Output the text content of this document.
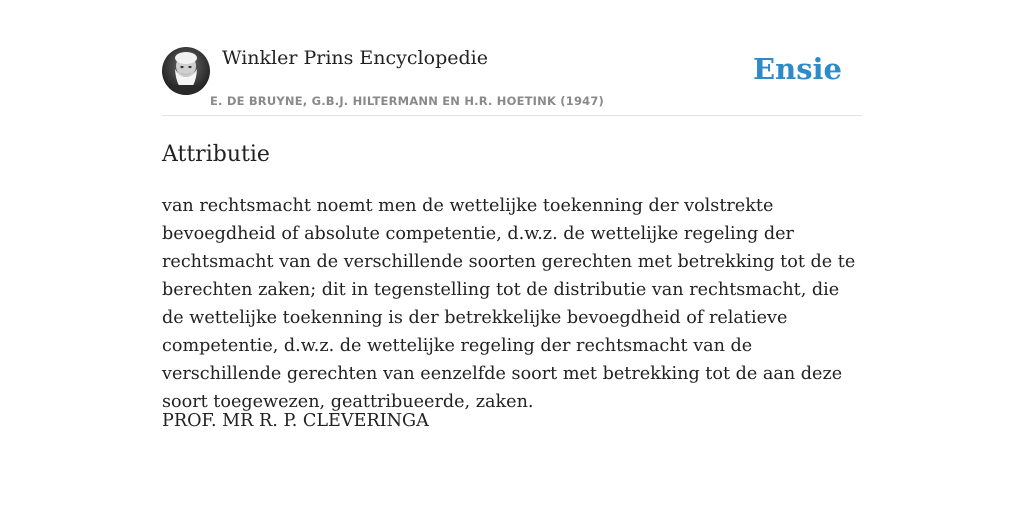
Winkler Prins Encyclopedie
E. DE BRUYNE, G.B.J. HILTERMANN EN H.R. HOETINK (1947)
Ensie
Attributie

van rechtsmacht noemt men de wettelijke toekenning der volstrekte bevoegdheid of absolute competentie, d.w.z. de wettelijke regeling der rechtsmacht van de verschillende soorten gerechten met betrekking tot de te berechten zaken; dit in tegenstelling tot de distributie van rechtsmacht, die de wettelijke toekenning is der betrekkelijke bevoegdheid of relatieve competentie, d.w.z. de wettelijke regeling der rechtsmacht van de verschillende gerechten van eenzelfde soort met betrekking tot de aan deze soort toegewezen, geattribueerde, zaken.

PROF. MR R. P. CLEVERINGA
